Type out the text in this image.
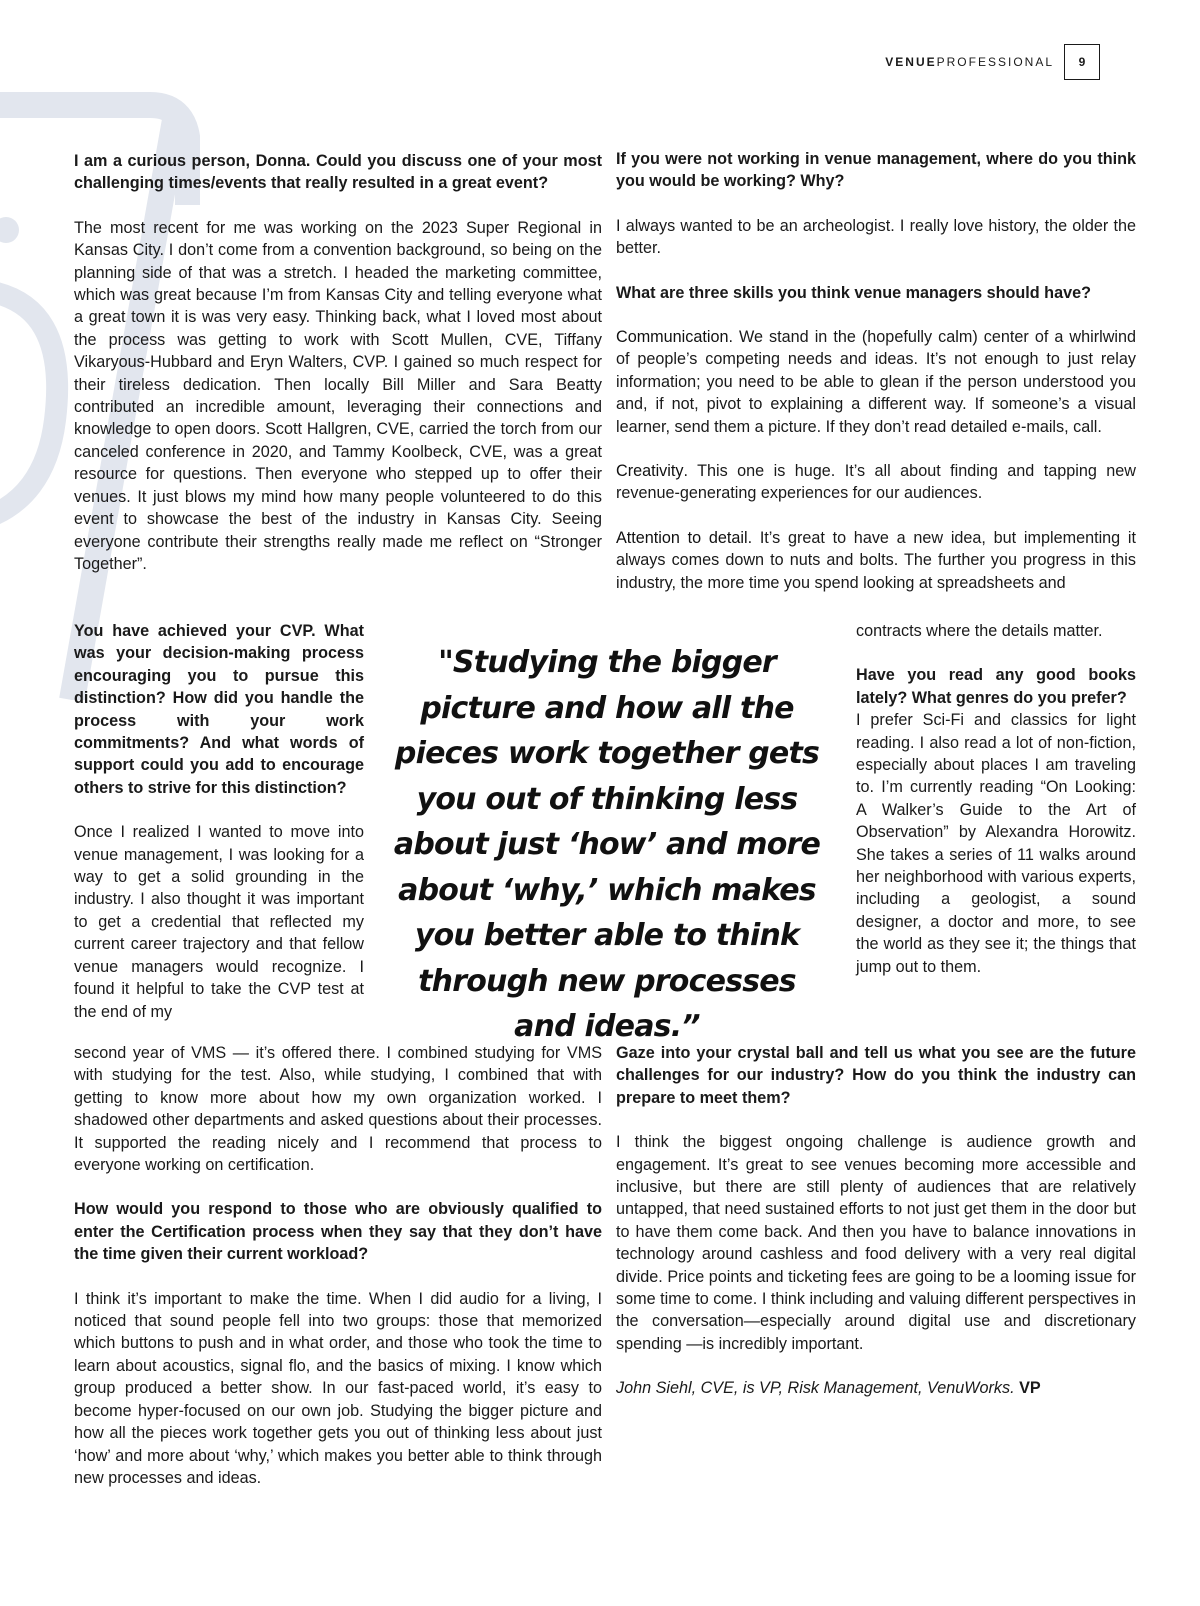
VENUEPROFESSIONAL	9

I am a curious person, Donna. Could you discuss one of your most challenging times/events that really resulted in a great event?

The most recent for me was working on the 2023 Super Regional in Kansas City. I don’t come from a convention background, so being on the planning side of that was a stretch. I headed the marketing committee, which was great because I’m from Kansas City and telling everyone what a great town it is was very easy. Thinking back, what I loved most about the process was getting to work with Scott Mullen, CVE, Tiffany Vikaryous-Hubbard and Eryn Walters, CVP. I gained so much respect for their tireless dedication. Then locally Bill Miller and Sara Beatty contributed an incredible amount, leveraging their connections and knowledge to open doors. Scott Hallgren, CVE, carried the torch from our canceled conference in 2020, and Tammy Koolbeck, CVE, was a great resource for questions. Then everyone who stepped up to offer their venues. It just blows my mind how many people volunteered to do this event to showcase the best of the industry in Kansas City. Seeing everyone contribute their strengths really made me reflect on “Stronger Together”.

You have achieved your CVP. What was your decision-making process encouraging you to pursue this distinction? How did you handle the process with your work commitments? And what words of support could you add to encourage others to strive for this distinction?

Once I realized I wanted to move into venue management, I was looking for a way to get a solid grounding in the industry. I also thought it was important to get a credential that reflected my current career trajectory and that fellow venue managers would recognize. I found it helpful to take the CVP test at the end of my

second year of VMS — it’s offered there. I combined studying for VMS with studying for the test. Also, while studying, I combined that with getting to know more about how my own organization worked. I shadowed other departments and asked questions about their processes. It supported the reading nicely and I recommend that process to everyone working on certification.

How would you respond to those who are obviously qualified to enter the Certification process when they say that they don’t have the time given their current workload?

I think it’s important to make the time. When I did audio for a living, I noticed that sound people fell into two groups: those that memorized which buttons to push and in what order, and those who took the time to learn about acoustics, signal flo, and the basics of mixing. I know which group produced a better show. In our fast-paced world, it’s easy to become hyper-focused on our own job. Studying the bigger picture and how all the pieces work together gets you out of thinking less about just ‘how’ and more about ‘why,’ which makes you better able to think through new processes and ideas.

"Studying the bigger picture and how all the pieces work together gets you out of thinking less about just ‘how’ and more about ‘why,’ which makes you better able to think through new processes and ideas.”

If you were not working in venue management, where do you think you would be working? Why?

I always wanted to be an archeologist. I really love history, the older the better.

What are three skills you think venue managers should have?

Communication. We stand in the (hopefully calm) center of a whirlwind of people’s competing needs and ideas. It’s not enough to just relay information; you need to be able to glean if the person understood you and, if not, pivot to explaining a different way. If someone’s a visual learner, send them a picture. If they don’t read detailed e-mails, call.

Creativity. This one is huge. It’s all about finding and tapping new revenue-generating experiences for our audiences.

Attention to detail. It’s great to have a new idea, but implementing it always comes down to nuts and bolts. The further you progress in this industry, the more time you spend looking at spreadsheets and

contracts where the details matter.

Have you read any good books lately? What genres do you prefer?

I prefer Sci-Fi and classics for light reading. I also read a lot of non-fiction, especially about places I am traveling to. I’m currently reading “On Looking: A Walker’s Guide to the Art of Observation” by Alexandra Horowitz. She takes a series of 11 walks around her neighborhood with various experts, including a geologist, a sound designer, a doctor and more, to see the world as they see it; the things that jump out to them.

Gaze into your crystal ball and tell us what you see are the future challenges for our industry? How do you think the industry can prepare to meet them?

I think the biggest ongoing challenge is audience growth and engagement. It’s great to see venues becoming more accessible and inclusive, but there are still plenty of audiences that are relatively untapped, that need sustained efforts to not just get them in the door but to have them come back. And then you have to balance innovations in technology around cashless and food delivery with a very real digital divide. Price points and ticketing fees are going to be a looming issue for some time to come. I think including and valuing different perspectives in the conversation—especially around digital use and discretionary spending —is incredibly important.

John Siehl, CVE, is VP, Risk Management, VenuWorks. VP
